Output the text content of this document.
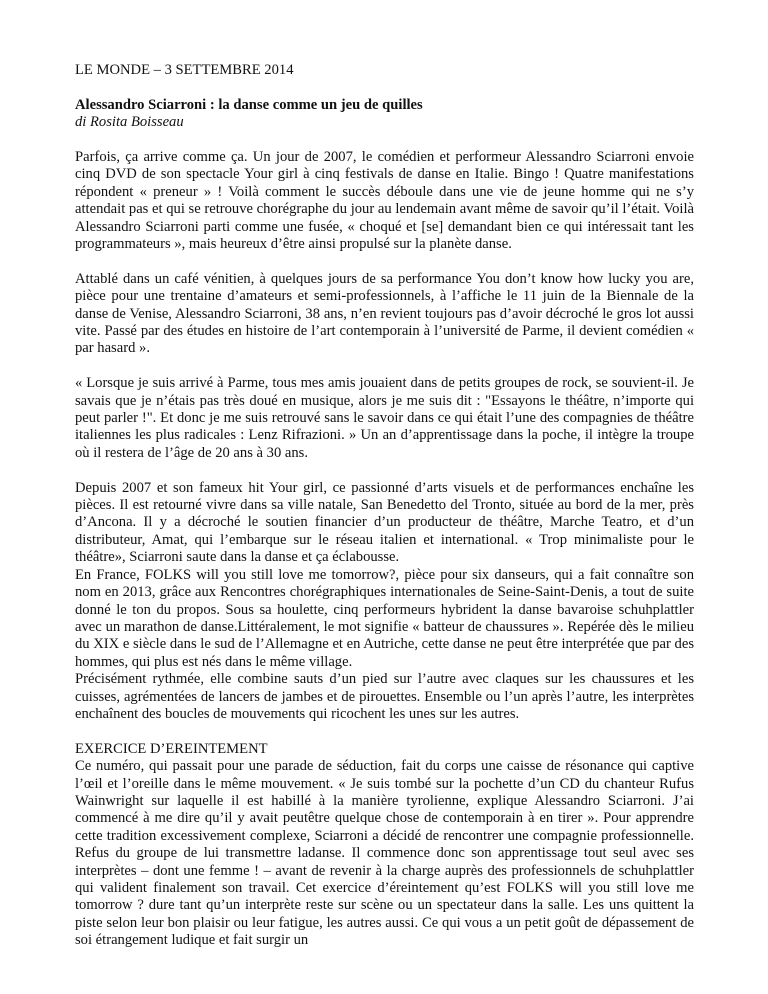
LE MONDE – 3 SETTEMBRE 2014

Alessandro Sciarroni : la danse comme un jeu de quilles

di Rosita Boisseau

Parfois, ça arrive comme ça. Un jour de 2007, le comédien et performeur Alessandro Sciarroni envoie cinq DVD de son spectacle Your girl à cinq festivals de danse en Italie. Bingo ! Quatre manifestations répondent « preneur » ! Voilà comment le succès déboule dans une vie de jeune homme qui ne s’y attendait pas et qui se retrouve chorégraphe du jour au lendemain avant même de savoir qu’il l’était. Voilà Alessandro Sciarroni parti comme une fusée, « choqué et [se] demandant bien ce qui intéressait tant les programmateurs », mais heureux d’être ainsi propulsé sur la planète danse.

Attablé dans un café vénitien, à quelques jours de sa performance You don’t know how lucky you are, pièce pour une trentaine d’amateurs et semi-professionnels, à l’affiche le 11 juin de la Biennale de la danse de Venise, Alessandro Sciarroni, 38 ans, n’en revient toujours pas d’avoir décroché le gros lot aussi vite. Passé par des études en histoire de l’art contemporain à l’université de Parme, il devient comédien « par hasard ».

« Lorsque je suis arrivé à Parme, tous mes amis jouaient dans de petits groupes de rock, se souvient-il. Je savais que je n’étais pas très doué en musique, alors je me suis dit : "Essayons le théâtre, n’importe qui peut parler !". Et donc je me suis retrouvé sans le savoir dans ce qui était l’une des compagnies de théâtre italiennes les plus radicales : Lenz Rifrazioni. » Un an d’apprentissage dans la poche, il intègre la troupe où il restera de l’âge de 20 ans à 30 ans.

Depuis 2007 et son fameux hit Your girl, ce passionné d’arts visuels et de performances enchaîne les pièces. Il est retourné vivre dans sa ville natale, San Benedetto del Tronto, située au bord de la mer, près d’Ancona. Il y a décroché le soutien financier d’un producteur de théâtre, Marche Teatro, et d’un distributeur, Amat, qui l’embarque sur le réseau italien et international. « Trop minimaliste pour le théâtre», Sciarroni saute dans la danse et ça éclabousse.

En France, FOLKS will you still love me tomorrow?, pièce pour six danseurs, qui a fait connaître son nom en 2013, grâce aux Rencontres chorégraphiques internationales de Seine-Saint-Denis, a tout de suite donné le ton du propos. Sous sa houlette, cinq performeurs hybrident la danse bavaroise schuhplattler avec un marathon de danse.Littéralement, le mot signifie « batteur de chaussures ». Repérée dès le milieu du XIX e siècle dans le sud de l’Allemagne et en Autriche, cette danse ne peut être interprétée que par des hommes, qui plus est nés dans le même village.

Précisément rythmée, elle combine sauts d’un pied sur l’autre avec claques sur les chaussures et les cuisses, agrémentées de lancers de jambes et de pirouettes. Ensemble ou l’un après l’autre, les interprètes enchaînent des boucles de mouvements qui ricochent les unes sur les autres.

EXERCICE D’EREINTEMENT

Ce numéro, qui passait pour une parade de séduction, fait du corps une caisse de résonance qui captive l’œil et l’oreille dans le même mouvement. « Je suis tombé sur la pochette d’un CD du chanteur Rufus Wainwright sur laquelle il est habillé à la manière tyrolienne, explique Alessandro Sciarroni. J’ai commencé à me dire qu’il y avait peutêtre quelque chose de contemporain à en tirer ». Pour apprendre cette tradition excessivement complexe, Sciarroni a décidé de rencontrer une compagnie professionnelle. Refus du groupe de lui transmettre ladanse. Il commence donc son apprentissage tout seul avec ses interprètes – dont une femme ! – avant de revenir à la charge auprès des professionnels de schuhplattler qui valident finalement son travail. Cet exercice d’éreintement qu’est FOLKS will you still love me tomorrow ? dure tant qu’un interprète reste sur scène ou un spectateur dans la salle. Les uns quittent la piste selon leur bon plaisir ou leur fatigue, les autres aussi. Ce qui vous a un petit goût de dépassement de soi étrangement ludique et fait surgir un
